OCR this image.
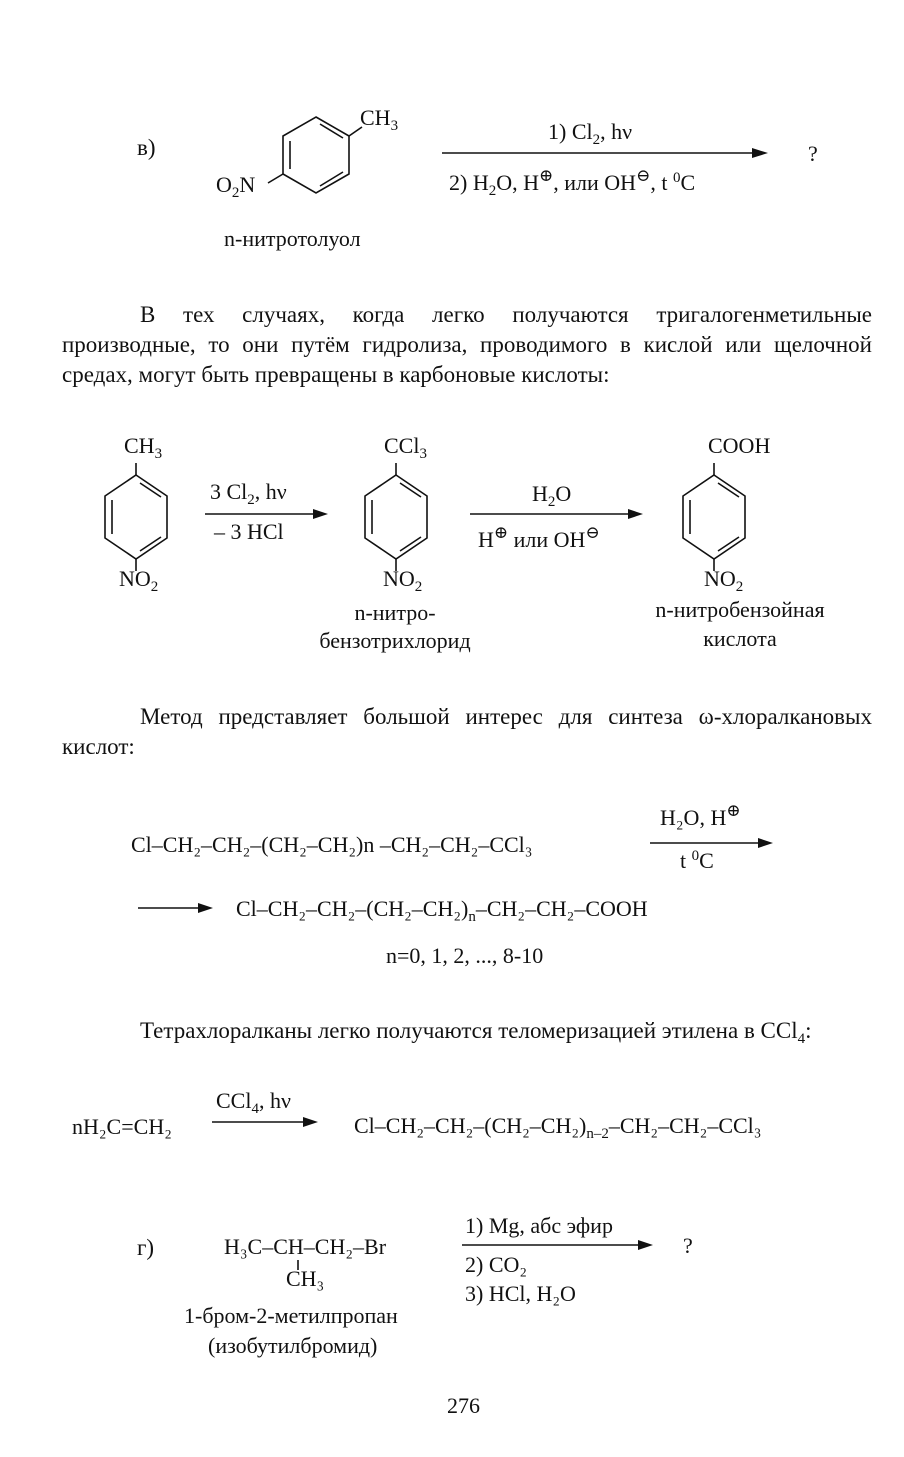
в)
$CH_3$
$O_2N$
n-нитротолуол
1) $Cl_2$, hν
2) $H_2O$, H⊕, или OH⊖, t $^0$C
?
В тех случаях, когда легко получаются тригалогенметильные производные, то они путём гидролиза, проводимого в кислой или щелочной средах, могут быть превращены в карбоновые кислоты:
$CH_3$
$NO_2$
3 $Cl_2$, hν
– 3 HCl
CCl$_3$
$NO_2$
n-нитро-
бензотрихлорид
$H_2O$
H⊕ или OH⊖
COOH
$NO_2$
n-нитробензойная
кислота
Метод представляет большой интерес для синтеза ω-хлоралкановых кислот:
Cl–CH₂–CH₂–(CH₂–CH₂)n –CH₂–CH₂–CCl₃
H₂O, H⊕
t $^0$C
$Cl-CH_2-CH_2-(CH_2-CH_2)_n-CH_2-CH_2$–COOH
n=0, 1, 2, ..., 8-10
Тетрахлоралканы легко получаются теломеризацией этилена в CCl$_4$:
nH₂C=CH₂
CCl$_4$, hν
$Cl-CH_2-CH_2-(CH_2-CH_2)_{n-2}-CH_2-CH_2$–CCl₃
г)	H₃C–CH–CH₂–Br
CH₃
1-бром-2-метилпропан
(изобутилбромид)
1) Mg, абс эфир
2) CO₂
3) HCl, H₂O
?
276
